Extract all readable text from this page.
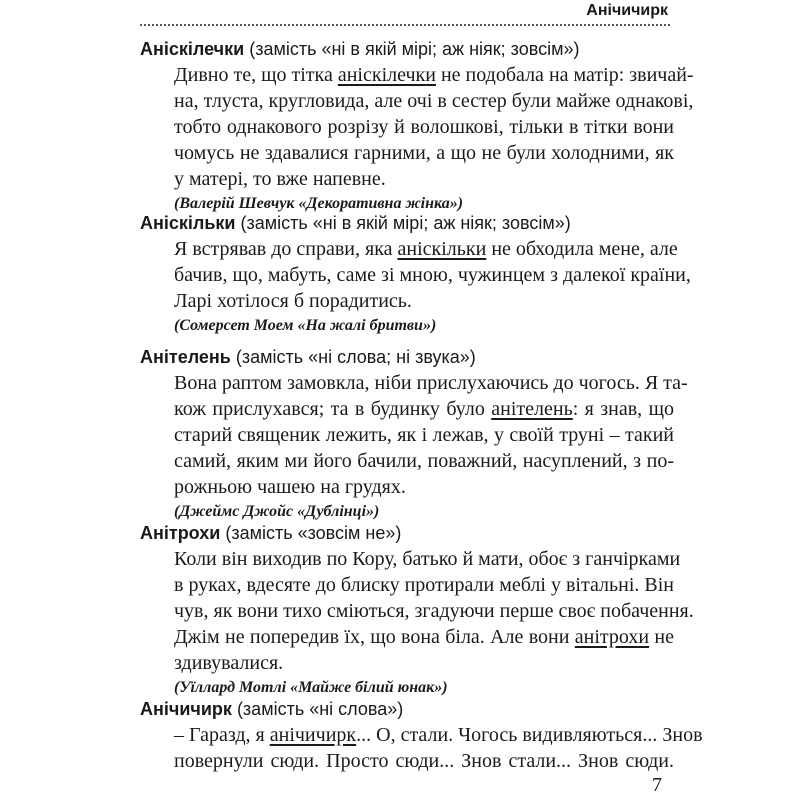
Анічичирк
Аніскілечки (замість «ні в якій мірі; аж ніяк; зовсім»)
Дивно те, що тітка аніскілечки не подобала на матір: звичай-
на, тлуста, кругловида, але очі в сестер були майже однакові,
тобто однакового розрізу й волошкові, тільки в тітки вони
чомусь не здавалися гарними, а що не були холодними, як
у матері, то вже напевне.
(Валерій Шевчук «Декоративна жінка»)
Аніскільки (замість «ні в якій мірі; аж ніяк; зовсім»)
Я встрявав до справи, яка аніскільки не обходила мене, але
бачив, що, мабуть, саме зі мною, чужинцем з далекої країни,
Ларі хотілося б порадитись.
(Сомерсет Моем «На жалі бритви»)
Анітелень (замість «ні слова; ні звука»)
Вона раптом замовкла, ніби прислухаючись до чогось. Я та-
кож прислухався; та в будинку було анітелень: я знав, що
старий священик лежить, як і лежав, у своїй труні – такий
самий, яким ми його бачили, поважний, насуплений, з по-
рожньою чашею на грудях.
(Джеймс Джойс «Дублінці»)
Анітрохи (замість «зовсім не»)
Коли він виходив по Кору, батько й мати, обоє з ганчірками
в руках, вдесяте до блиску протирали меблі у вітальні. Він
чув, як вони тихо сміються, згадуючи перше своє побачення.
Джім не попередив їх, що вона біла. Але вони анітрохи не
здивувалися.
(Уїллард Мотлі «Майже білий юнак»)
Анічичирк (замість «ні слова»)
– Гаразд, я анічичирк... О, стали. Чогось видивляються... Знов
повернули сюди. Просто сюди... Знов стали... Знов сюди.
7
